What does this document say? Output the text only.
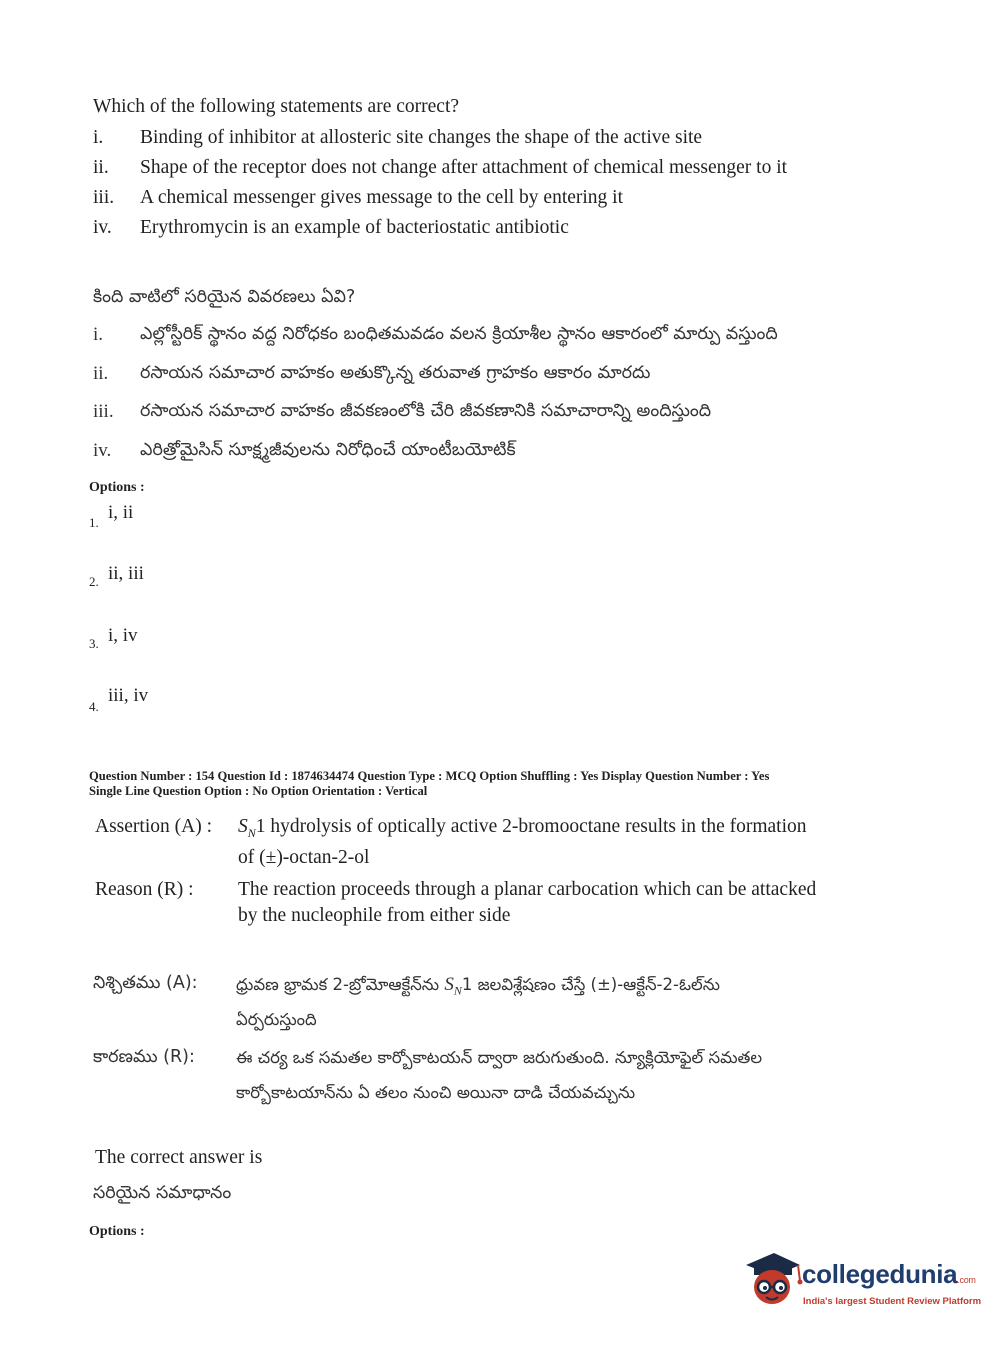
Which of the following statements are correct?
i. Binding of inhibitor at allosteric site changes the shape of the active site
ii. Shape of the receptor does not change after attachment of chemical messenger to it
iii. A chemical messenger gives message to the cell by entering it
iv. Erythromycin is an example of bacteriostatic antibiotic
కింది వాటిలో సరియైన వివరణలు ఏవి?
i. ఎల్లోస్టీరిక్ స్థానం వద్ద నిరోధకం బంధితమవడం వలన క్రియాశీల స్థానం ఆకారంలో మార్పు వస్తుంది
ii. రసాయన సమాచార వాహకం అతుక్కొన్న తరువాత గ్రాహకం ఆకారం మారదు
iii. రసాయన సమాచార వాహకం జీవకణంలోకి చేరి జీవకణానికి సమాచారాన్ని అందిస్తుంది
iv. ఎరిత్రోమైసిన్ సూక్ష్మజీవులను నిరోధించే యాంటీబయోటిక్
Options :
1. i, ii
2. ii, iii
3. i, iv
4.
iii, iv
Question Number : 154 Question Id : 1874634474 Question Type : MCQ Option Shuffling : Yes Display Question Number : Yes
Single Line Question Option : No Option Orientation : Vertical
Assertion (A) : $S_N1$ hydrolysis of optically active 2-bromooctane results in the formation
of (±)-octan-2-ol
Reason (R) : The reaction proceeds through a planar carbocation which can be attacked
by the nucleophile from either side
నిశ్చితము (A): ధ్రువణ భ్రామక 2-బ్రోమోఆక్టేన్‌ను $S_N1$ జలవిశ్లేషణం చేస్తే (±)-ఆక్టేన్-2-ఓల్‌ను
ఏర్పరుస్తుంది
కారణము (R): ఈ చర్య ఒక సమతల కార్బోకాటయన్ ద్వారా జరుగుతుంది. న్యూక్లియోఫైల్ సమతల
కార్బోకాటయాన్‌ను ఏ తలం నుంచి అయినా దాడి చేయవచ్చును
The correct answer is
సరియైన సమాధానం
Options :
collegedunia.com
India's largest Student Review Platform
